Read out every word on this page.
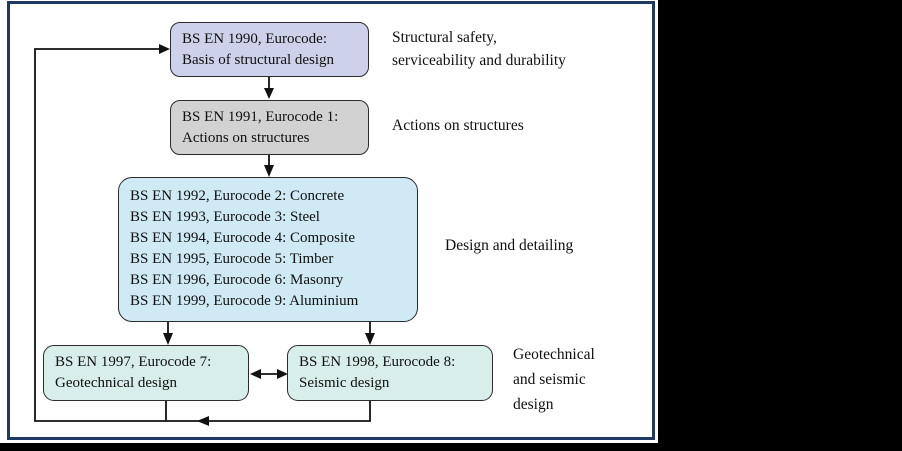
BS EN 1990, Eurocode:
Basis of structural design
BS EN 1991, Eurocode 1:
Actions on structures
BS EN 1992, Eurocode 2: Concrete
BS EN 1993, Eurocode 3: Steel
BS EN 1994, Eurocode 4: Composite
BS EN 1995, Eurocode 5: Timber
BS EN 1996, Eurocode 6: Masonry
BS EN 1999, Eurocode 9: Aluminium
BS EN 1997, Eurocode 7:
Geotechnical design
BS EN 1998, Eurocode 8:
Seismic design
Structural safety,
serviceability and durability
Actions on structures
Design and detailing
Geotechnical
and seismic
design
